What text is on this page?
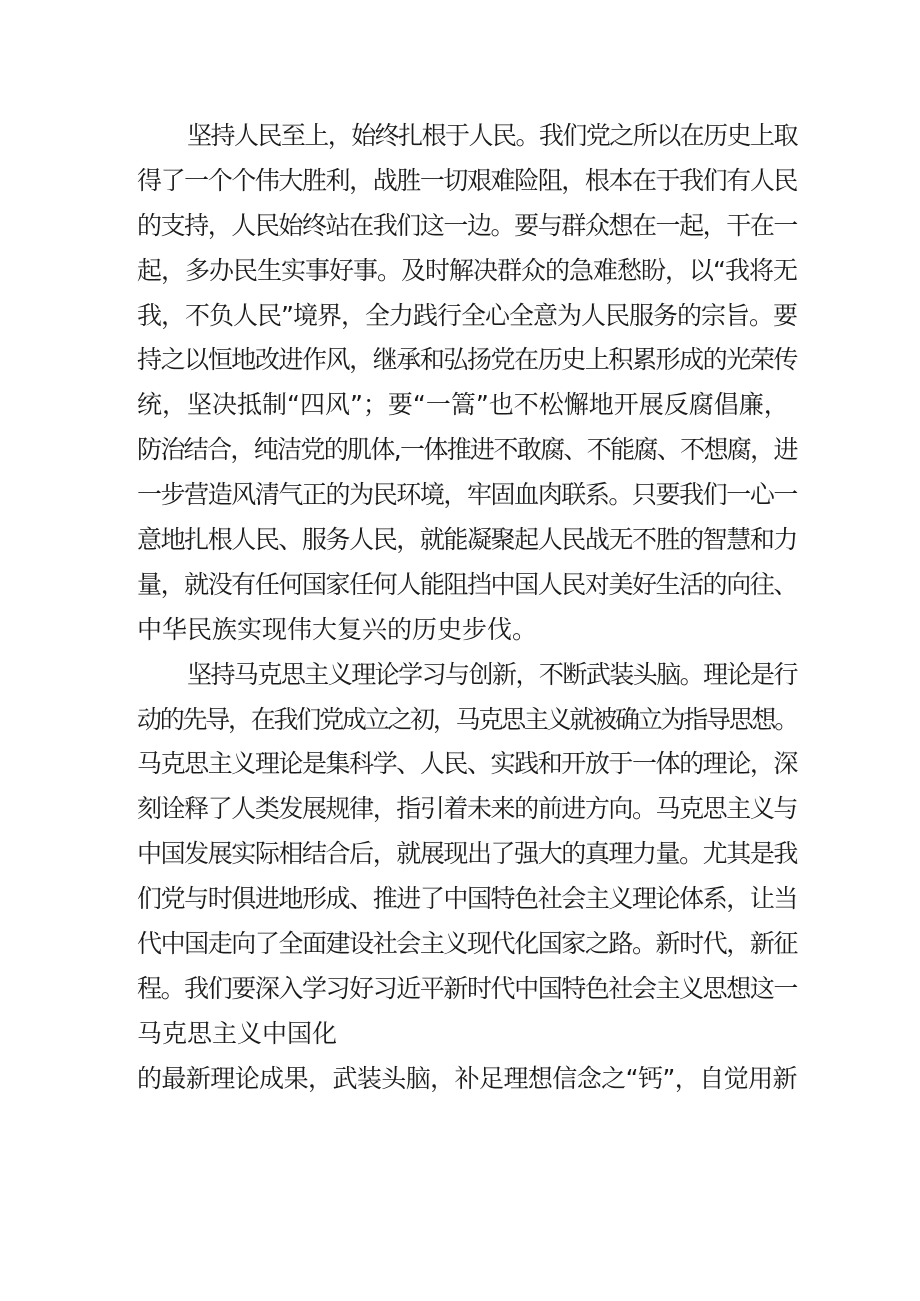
坚持人民至上，始终扎根于人民。我们党之所以在历史上取
得了一个个伟大胜利，战胜一切艰难险阻，根本在于我们有人民
的支持，人民始终站在我们这一边。要与群众想在一起，干在一
起，多办民生实事好事。及时解决群众的急难愁盼，以“我将无
我，不负人民”境界，全力践行全心全意为人民服务的宗旨。要
持之以恒地改进作风，继承和弘扬党在历史上积累形成的光荣传
统，坚决抵制“四风”；要“一篙”也不松懈地开展反腐倡廉，
防治结合，纯洁党的肌体,一体推进不敢腐、不能腐、不想腐，进
一步营造风清气正的为民环境，牢固血肉联系。只要我们一心一
意地扎根人民、服务人民，就能凝聚起人民战无不胜的智慧和力
量，就没有任何国家任何人能阻挡中国人民对美好生活的向往、
中华民族实现伟大复兴的历史步伐。
坚持马克思主义理论学习与创新，不断武装头脑。理论是行
动的先导，在我们党成立之初，马克思主义就被确立为指导思想。
马克思主义理论是集科学、人民、实践和开放于一体的理论，深
刻诠释了人类发展规律，指引着未来的前进方向。马克思主义与
中国发展实际相结合后，就展现出了强大的真理力量。尤其是我
们党与时俱进地形成、推进了中国特色社会主义理论体系，让当
代中国走向了全面建设社会主义现代化国家之路。新时代，新征
程。我们要深入学习好习近平新时代中国特色社会主义思想这一
马克思主义中国化
的最新理论成果，武装头脑，补足理想信念之“钙”，自觉用新
